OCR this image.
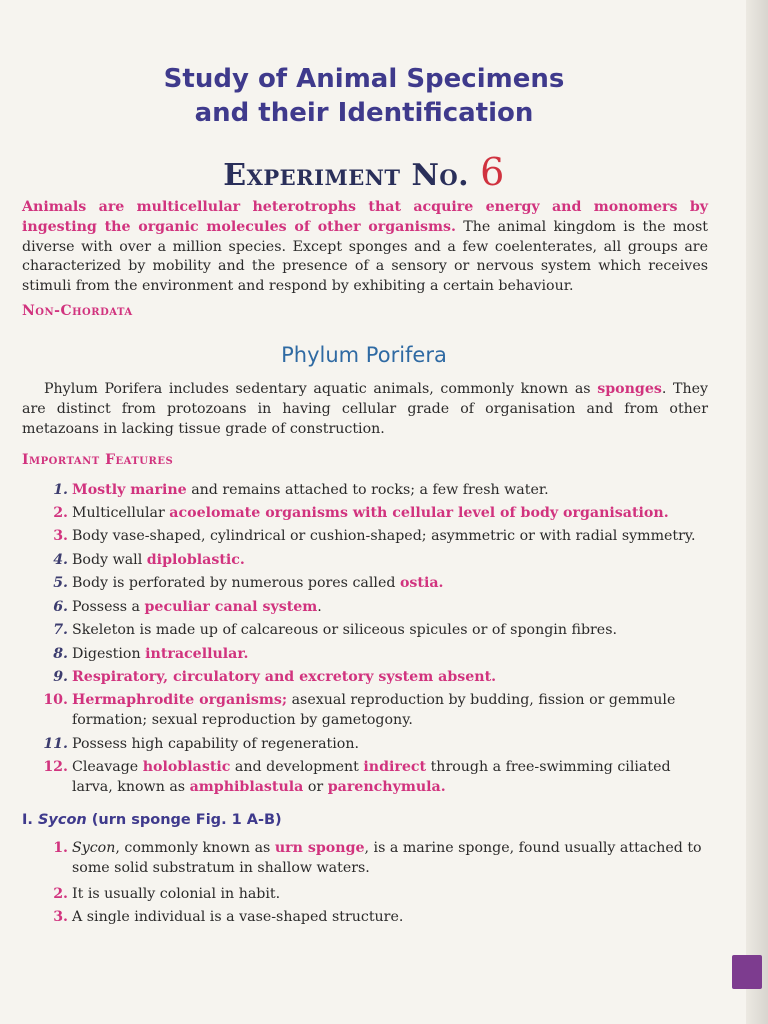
Study of Animal Specimens
and their Identification
Experiment No. 6
Animals are multicellular heterotrophs that acquire energy and monomers by ingesting the organic molecules of other organisms. The animal kingdom is the most diverse with over a million species. Except sponges and a few coelenterates, all groups are characterized by mobility and the presence of a sensory or nervous system which receives stimuli from the environment and respond by exhibiting a certain behaviour.
Non-Chordata
Phylum Porifera
Phylum Porifera includes sedentary aquatic animals, commonly known as sponges. They are distinct from protozoans in having cellular grade of organisation and from other metazoans in lacking tissue grade of construction.
Important Features
1. Mostly marine and remains attached to rocks; a few fresh water.
2. Multicellular acoelomate organisms with cellular level of body organisation.
3. Body vase-shaped, cylindrical or cushion-shaped; asymmetric or with radial symmetry.
4. Body wall diploblastic.
5. Body is perforated by numerous pores called ostia.
6. Possess a peculiar canal system.
7. Skeleton is made up of calcareous or siliceous spicules or of spongin fibres.
8. Digestion intracellular.
9. Respiratory, circulatory and excretory system absent.
10. Hermaphrodite organisms; asexual reproduction by budding, fission or gemmule
formation; sexual reproduction by gametogony.
11. Possess high capability of regeneration.
12. Cleavage holoblastic and development indirect through a free-swimming ciliated
larva, known as amphiblastula or parenchymula.
I. Sycon (urn sponge Fig. 1 A-B)
1. Sycon, commonly known as urn sponge, is a marine sponge, found usually attached to
some solid substratum in shallow waters.
2. It is usually colonial in habit.
3. A single individual is a vase-shaped structure.
